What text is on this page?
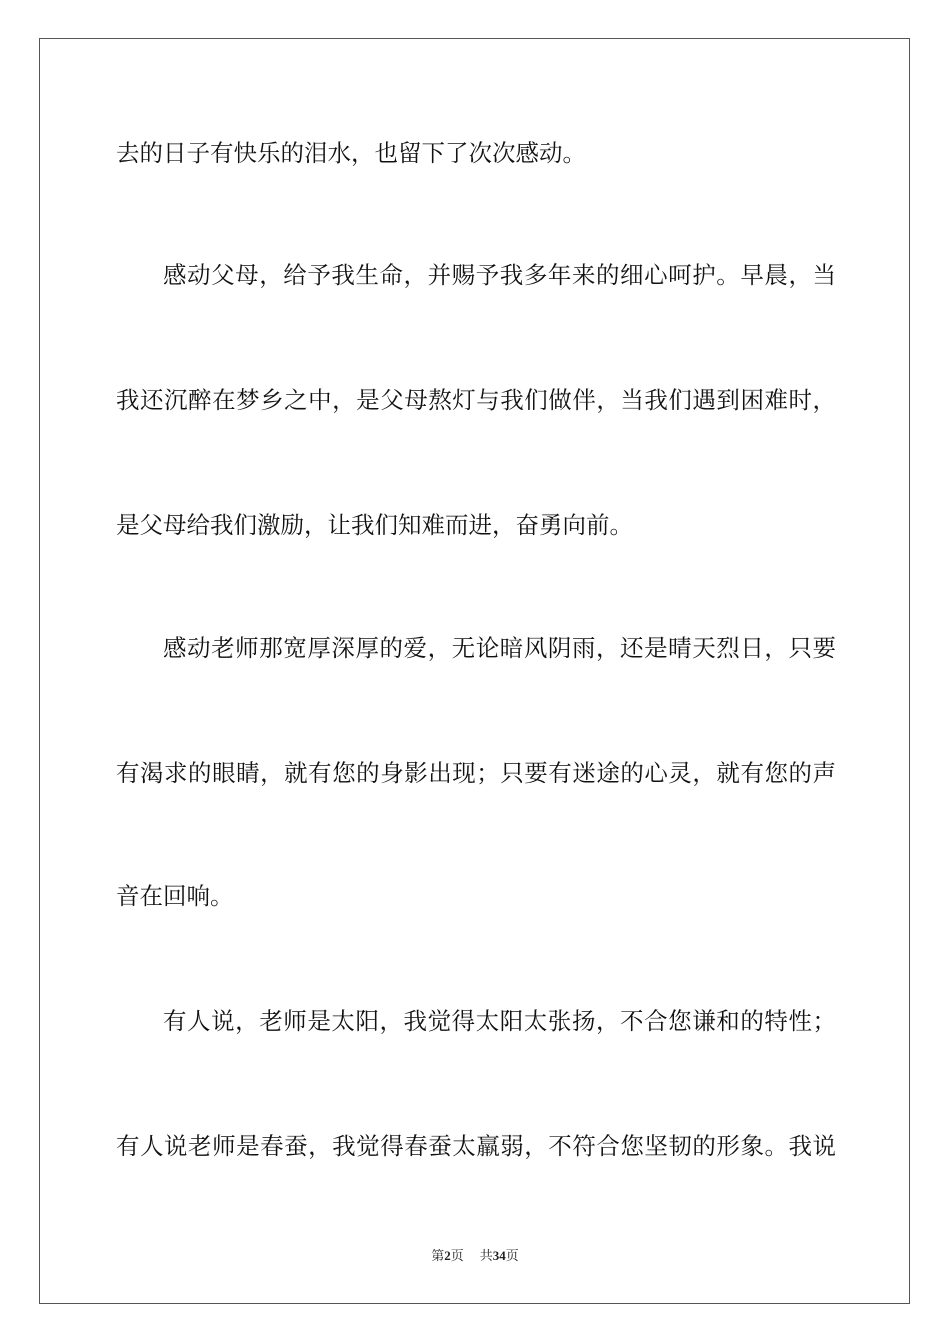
去的日子有快乐的泪水，也留下了次次感动。
感动父母，给予我生命，并赐予我多年来的细心呵护。早晨，当
我还沉醉在梦乡之中，是父母熬灯与我们做伴，当我们遇到困难时，
是父母给我们激励，让我们知难而进，奋勇向前。
感动老师那宽厚深厚的爱，无论暗风阴雨，还是晴天烈日，只要
有渴求的眼睛，就有您的身影出现；只要有迷途的心灵，就有您的声
音在回响。
有人说，老师是太阳，我觉得太阳太张扬，不合您谦和的特性；
有人说老师是春蚕，我觉得春蚕太羸弱，不符合您坚韧的形象。我说
第2页 共34页
